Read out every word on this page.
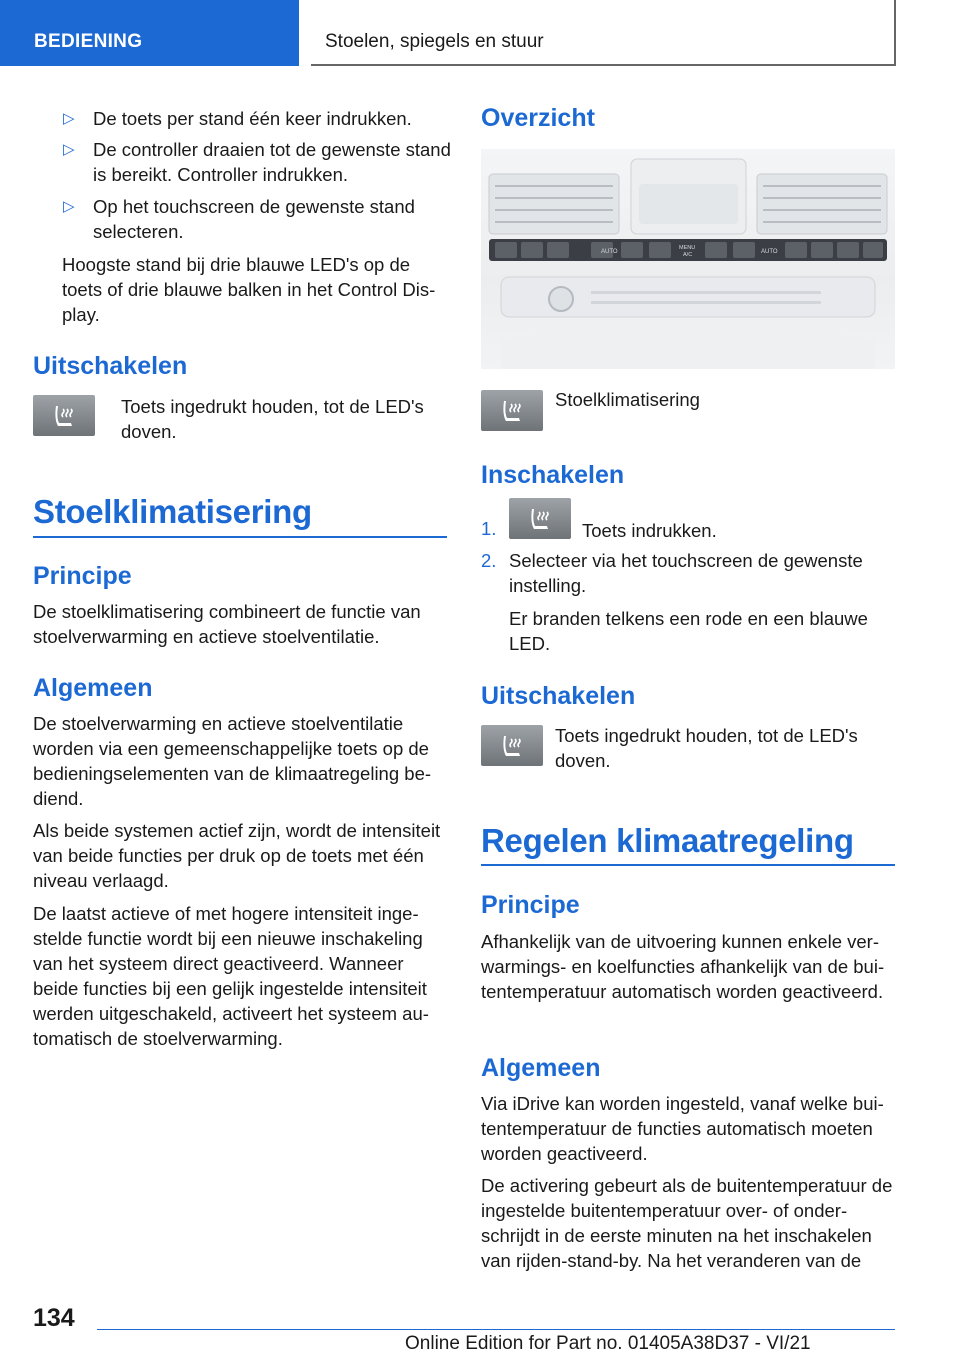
BEDIENING	Stoelen, spiegels en stuur
▷ De toets per stand één keer indrukken.
▷ De controller draaien tot de gewenste stand is bereikt. Controller indrukken.
▷ Op het touchscreen de gewenste stand selecteren.
Hoogste stand bij drie blauwe LED's op de toets of drie blauwe balken in het Control Display.
Uitschakelen
Toets ingedrukt houden, tot de LED's doven.
Stoelklimatisering
Principe
De stoelklimatisering combineert de functie van stoelverwarming en actieve stoelventilatie.
Algemeen
De stoelverwarming en actieve stoelventilatie worden via een gemeenschappelijke toets op de bedieningselementen van de klimaatregeling bediend.
Als beide systemen actief zijn, wordt de intensiteit van beide functies per druk op de toets met één niveau verlaagd.
De laatst actieve of met hogere intensiteit ingestelde functie wordt bij een nieuwe inschakeling van het systeem direct geactiveerd. Wanneer beide functies bij een gelijk ingestelde intensiteit werden uitgeschakeld, activeert het systeem automatisch de stoelverwarming.
Overzicht
AUTO
MENU
A/C	AUTO
Stoelklimatisering
Inschakelen
1.	Toets indrukken.
2. Selecteer via het touchscreen de gewenste instelling.
Er branden telkens een rode en een blauwe LED.
Uitschakelen
Toets ingedrukt houden, tot de LED's doven.
Regelen klimaatregeling
Principe
Afhankelijk van de uitvoering kunnen enkele verwarmings- en koelfuncties afhankelijk van de buitentemperatuur automatisch worden geactiveerd.
Algemeen
Via iDrive kan worden ingesteld, vanaf welke buitentemperatuur de functies automatisch moeten worden geactiveerd.
De activering gebeurt als de buitentemperatuur de ingestelde buitentemperatuur over- of onderschrijdt in de eerste minuten na het inschakelen van rijden-stand-by. Na het veranderen van de
134
Online Edition for Part no. 01405A38D37 - VI/21
